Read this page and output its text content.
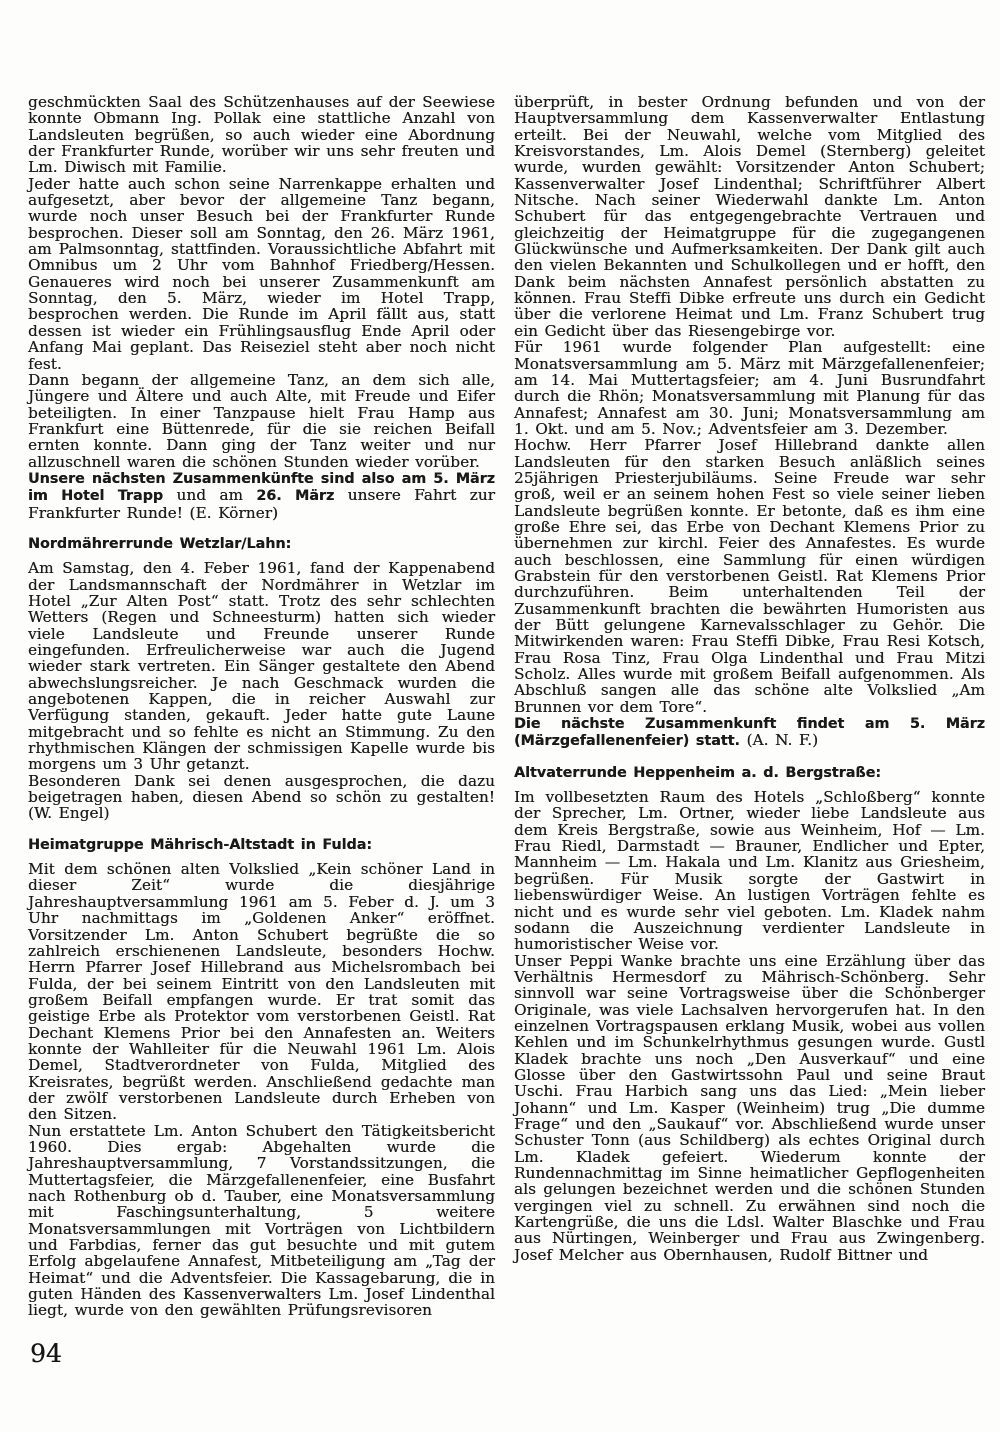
geschmückten Saal des Schützenhauses auf der Seewiese konnte Obmann Ing. Pollak eine stattliche Anzahl von Landsleuten begrüßen, so auch wieder eine Abordnung der Frankfurter Runde, worüber wir uns sehr freuten und Lm. Diwisch mit Familie.
Jeder hatte auch schon seine Narrenkappe erhalten und aufgesetzt, aber bevor der allgemeine Tanz begann, wurde noch unser Besuch bei der Frankfurter Runde besprochen. Dieser soll am Sonntag, den 26. März 1961, am Palmsonntag, stattfinden. Voraussichtliche Abfahrt mit Omnibus um 2 Uhr vom Bahnhof Friedberg/Hessen. Genaueres wird noch bei unserer Zusammenkunft am Sonntag, den 5. März, wieder im Hotel Trapp, besprochen werden. Die Runde im April fällt aus, statt dessen ist wieder ein Frühlingsausflug Ende April oder Anfang Mai geplant. Das Reiseziel steht aber noch nicht fest.
Dann begann der allgemeine Tanz, an dem sich alle, Jüngere und Ältere und auch Alte, mit Freude und Eifer beteiligten. In einer Tanzpause hielt Frau Hamp aus Frankfurt eine Büttenrede, für die sie reichen Beifall ernten konnte. Dann ging der Tanz weiter und nur allzuschnell waren die schönen Stunden wieder vorüber.
Unsere nächsten Zusammenkünfte sind also am 5. März im Hotel Trapp und am 26. März unsere Fahrt zur Frankfurter Runde! (E. Körner)
Nordmährerrunde Wetzlar/Lahn:
Am Samstag, den 4. Feber 1961, fand der Kappenabend der Landsmannschaft der Nordmährer in Wetzlar im Hotel „Zur Alten Post“ statt. Trotz des sehr schlechten Wetters (Regen und Schneesturm) hatten sich wieder viele Landsleute und Freunde unserer Runde eingefunden. Erfreulicherweise war auch die Jugend wieder stark vertreten. Ein Sänger gestaltete den Abend abwechslungsreicher. Je nach Geschmack wurden die angebotenen Kappen, die in reicher Auswahl zur Verfügung standen, gekauft. Jeder hatte gute Laune mitgebracht und so fehlte es nicht an Stimmung. Zu den rhythmischen Klängen der schmissigen Kapelle wurde bis morgens um 3 Uhr getanzt.
Besonderen Dank sei denen ausgesprochen, die dazu beigetragen haben, diesen Abend so schön zu gestalten! (W. Engel)
Heimatgruppe Mährisch-Altstadt in Fulda:
Mit dem schönen alten Volkslied „Kein schöner Land in dieser Zeit“ wurde die diesjährige Jahreshauptversammlung 1961 am 5. Feber d. J. um 3 Uhr nachmittags im „Goldenen Anker“ eröffnet. Vorsitzender Lm. Anton Schubert begrüßte die so zahlreich erschienenen Landsleute, besonders Hochw. Herrn Pfarrer Josef Hillebrand aus Michelsrombach bei Fulda, der bei seinem Eintritt von den Landsleuten mit großem Beifall empfangen wurde. Er trat somit das geistige Erbe als Protektor vom verstorbenen Geistl. Rat Dechant Klemens Prior bei den Annafesten an. Weiters konnte der Wahlleiter für die Neuwahl 1961 Lm. Alois Demel, Stadtverordneter von Fulda, Mitglied des Kreisrates, begrüßt werden. Anschließend gedachte man der zwölf verstorbenen Landsleute durch Erheben von den Sitzen.
Nun erstattete Lm. Anton Schubert den Tätigkeitsbericht 1960. Dies ergab: Abgehalten wurde die Jahreshauptversammlung, 7 Vorstandssitzungen, die Muttertagsfeier, die Märzgefallenenfeier, eine Busfahrt nach Rothenburg ob d. Tauber, eine Monatsversammlung mit Faschingsunterhaltung, 5 weitere Monatsversammlungen mit Vorträgen von Lichtbildern und Farbdias, ferner das gut besuchte und mit gutem Erfolg abgelaufene Annafest, Mitbeteiligung am „Tag der Heimat“ und die Adventsfeier. Die Kassagebarung, die in guten Händen des Kassenverwalters Lm. Josef Lindenthal liegt, wurde von den gewählten Prüfungsrevisoren
überprüft, in bester Ordnung befunden und von der Hauptversammlung dem Kassenverwalter Entlastung erteilt. Bei der Neuwahl, welche vom Mitglied des Kreisvorstandes, Lm. Alois Demel (Sternberg) geleitet wurde, wurden gewählt: Vorsitzender Anton Schubert; Kassenverwalter Josef Lindenthal; Schriftführer Albert Nitsche. Nach seiner Wiederwahl dankte Lm. Anton Schubert für das entgegengebrachte Vertrauen und gleichzeitig der Heimatgruppe für die zugegangenen Glückwünsche und Aufmerksamkeiten. Der Dank gilt auch den vielen Bekannten und Schulkollegen und er hofft, den Dank beim nächsten Annafest persönlich abstatten zu können. Frau Steffi Dibke erfreute uns durch ein Gedicht über die verlorene Heimat und Lm. Franz Schubert trug ein Gedicht über das Riesengebirge vor.
Für 1961 wurde folgender Plan aufgestellt: eine Monatsversammlung am 5. März mit Märzgefallenenfeier; am 14. Mai Muttertagsfeier; am 4. Juni Busrundfahrt durch die Rhön; Monatsversammlung mit Planung für das Annafest; Annafest am 30. Juni; Monatsversammlung am 1. Okt. und am 5. Nov.; Adventsfeier am 3. Dezember.
Hochw. Herr Pfarrer Josef Hillebrand dankte allen Landsleuten für den starken Besuch anläßlich seines 25jährigen Priesterjubiläums. Seine Freude war sehr groß, weil er an seinem hohen Fest so viele seiner lieben Landsleute begrüßen konnte. Er betonte, daß es ihm eine große Ehre sei, das Erbe von Dechant Klemens Prior zu übernehmen zur kirchl. Feier des Annafestes. Es wurde auch beschlossen, eine Sammlung für einen würdigen Grabstein für den verstorbenen Geistl. Rat Klemens Prior durchzuführen. Beim unterhaltenden Teil der Zusammenkunft brachten die bewährten Humoristen aus der Bütt gelungene Karnevalsschlager zu Gehör. Die Mitwirkenden waren: Frau Steffi Dibke, Frau Resi Kotsch, Frau Rosa Tinz, Frau Olga Lindenthal und Frau Mitzi Scholz. Alles wurde mit großem Beifall aufgenommen. Als Abschluß sangen alle das schöne alte Volkslied „Am Brunnen vor dem Tore“.
Die nächste Zusammenkunft findet am 5. März (Märzgefallenenfeier) statt. (A. N. F.)
Altvaterrunde Heppenheim a. d. Bergstraße:
Im vollbesetzten Raum des Hotels „Schloßberg“ konnte der Sprecher, Lm. Ortner, wieder liebe Landsleute aus dem Kreis Bergstraße, sowie aus Weinheim, Hof — Lm. Frau Riedl, Darmstadt — Brauner, Endlicher und Epter, Mannheim — Lm. Hakala und Lm. Klanitz aus Griesheim, begrüßen. Für Musik sorgte der Gastwirt in liebenswürdiger Weise. An lustigen Vorträgen fehlte es nicht und es wurde sehr viel geboten. Lm. Kladek nahm sodann die Auszeichnung verdienter Landsleute in humoristischer Weise vor.
Unser Peppi Wanke brachte uns eine Erzählung über das Verhältnis Hermesdorf zu Mährisch-Schönberg. Sehr sinnvoll war seine Vortragsweise über die Schönberger Originale, was viele Lachsalven hervorgerufen hat. In den einzelnen Vortragspausen erklang Musik, wobei aus vollen Kehlen und im Schunkelrhythmus gesungen wurde. Gustl Kladek brachte uns noch „Den Ausverkauf“ und eine Glosse über den Gastwirtssohn Paul und seine Braut Uschi. Frau Harbich sang uns das Lied: „Mein lieber Johann“ und Lm. Kasper (Weinheim) trug „Die dumme Frage“ und den „Saukauf“ vor. Abschließend wurde unser Schuster Tonn (aus Schildberg) als echtes Original durch Lm. Kladek gefeiert. Wiederum konnte der Rundennachmittag im Sinne heimatlicher Gepflogenheiten als gelungen bezeichnet werden und die schönen Stunden vergingen viel zu schnell. Zu erwähnen sind noch die Kartengrüße, die uns die Ldsl. Walter Blaschke und Frau aus Nürtingen, Weinberger und Frau aus Zwingenberg. Josef Melcher aus Obernhausen, Rudolf Bittner und
94
